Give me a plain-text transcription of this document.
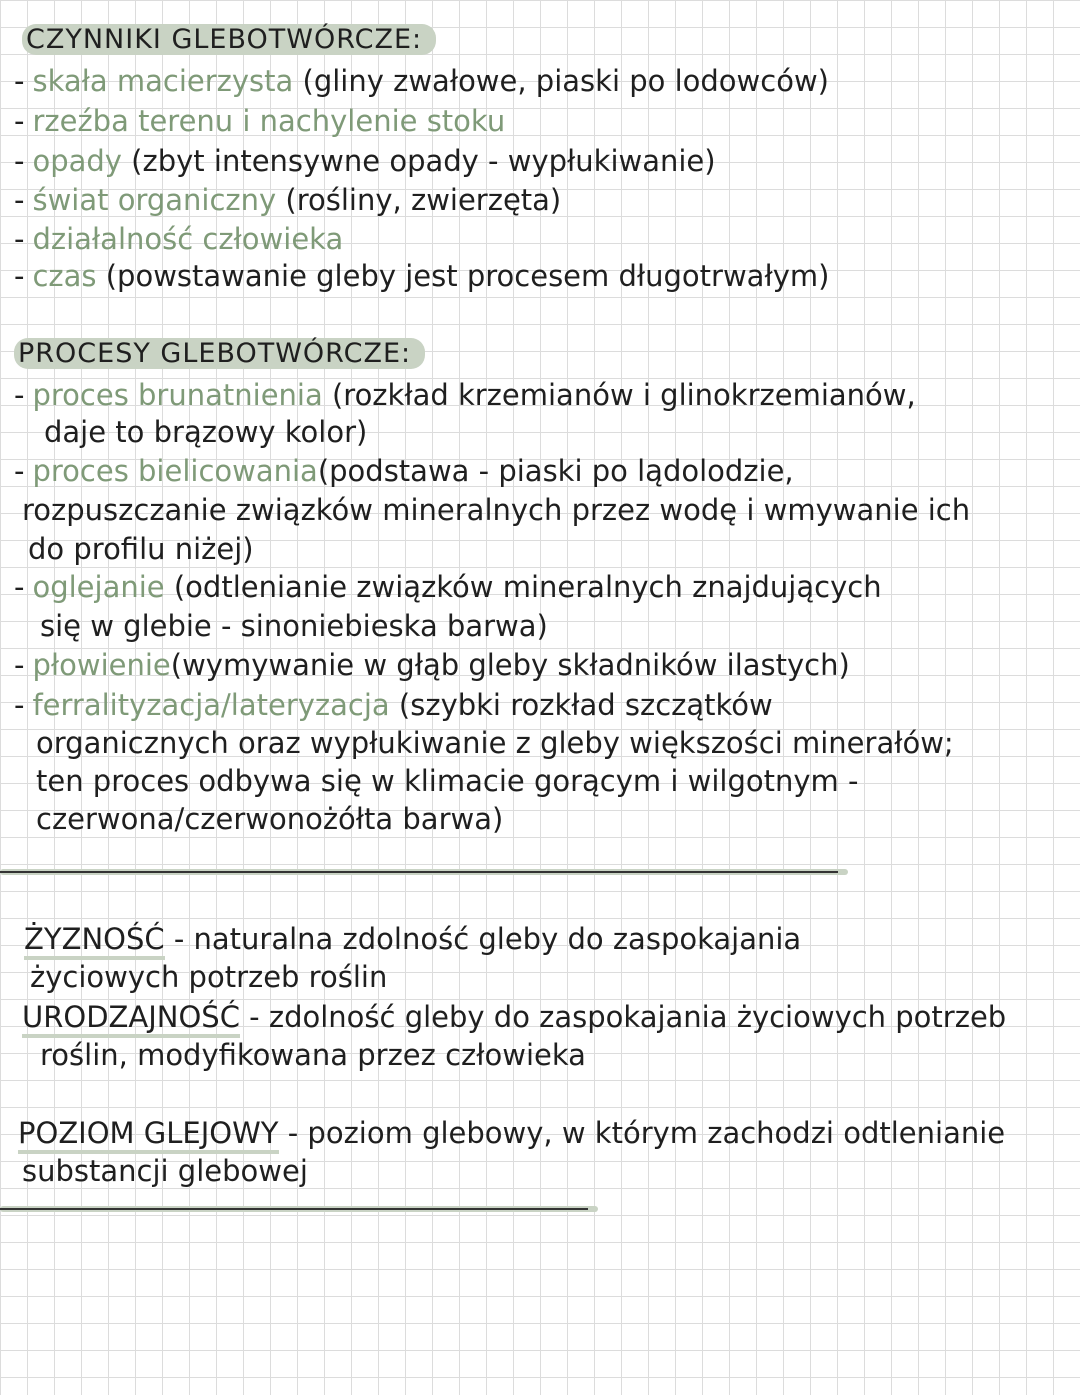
CZYNNIKI GLEBOTWÓRCZE:
- skała macierzysta (gliny zwałowe, piaski po lodowców)
- rzeźba terenu i nachylenie stoku
- opady (zbyt intensywne opady - wypłukiwanie)
- świat organiczny (rośliny, zwierzęta)
- działalność człowieka
- czas (powstawanie gleby jest procesem długotrwałym)
PROCESY GLEBOTWÓRCZE:
- proces brunatnienia (rozkład krzemianów i glinokrzemianów,
daje to brązowy kolor)
- proces bielicowania(podstawa - piaski po lądolodzie,
rozpuszczanie związków mineralnych przez wodę i wmywanie ich
do profilu niżej)
- oglejanie (odtlenianie związków mineralnych znajdujących
się w glebie - sinoniebieska barwa)
- płowienie(wymywanie w głąb gleby składników ilastych)
- ferralityzacja/lateryzacja (szybki rozkład szczątków
organicznych oraz wypłukiwanie z gleby większości minerałów;
ten proces odbywa się w klimacie gorącym i wilgotnym -
czerwona/czerwonożółta barwa)
ŻYZNOŚĆ - naturalna zdolność gleby do zaspokajania
życiowych potrzeb roślin
URODZAJNOŚĆ - zdolność gleby do zaspokajania życiowych potrzeb
roślin, modyfikowana przez człowieka
POZIOM GLEJOWY - poziom glebowy, w którym zachodzi odtlenianie
substancji glebowej
